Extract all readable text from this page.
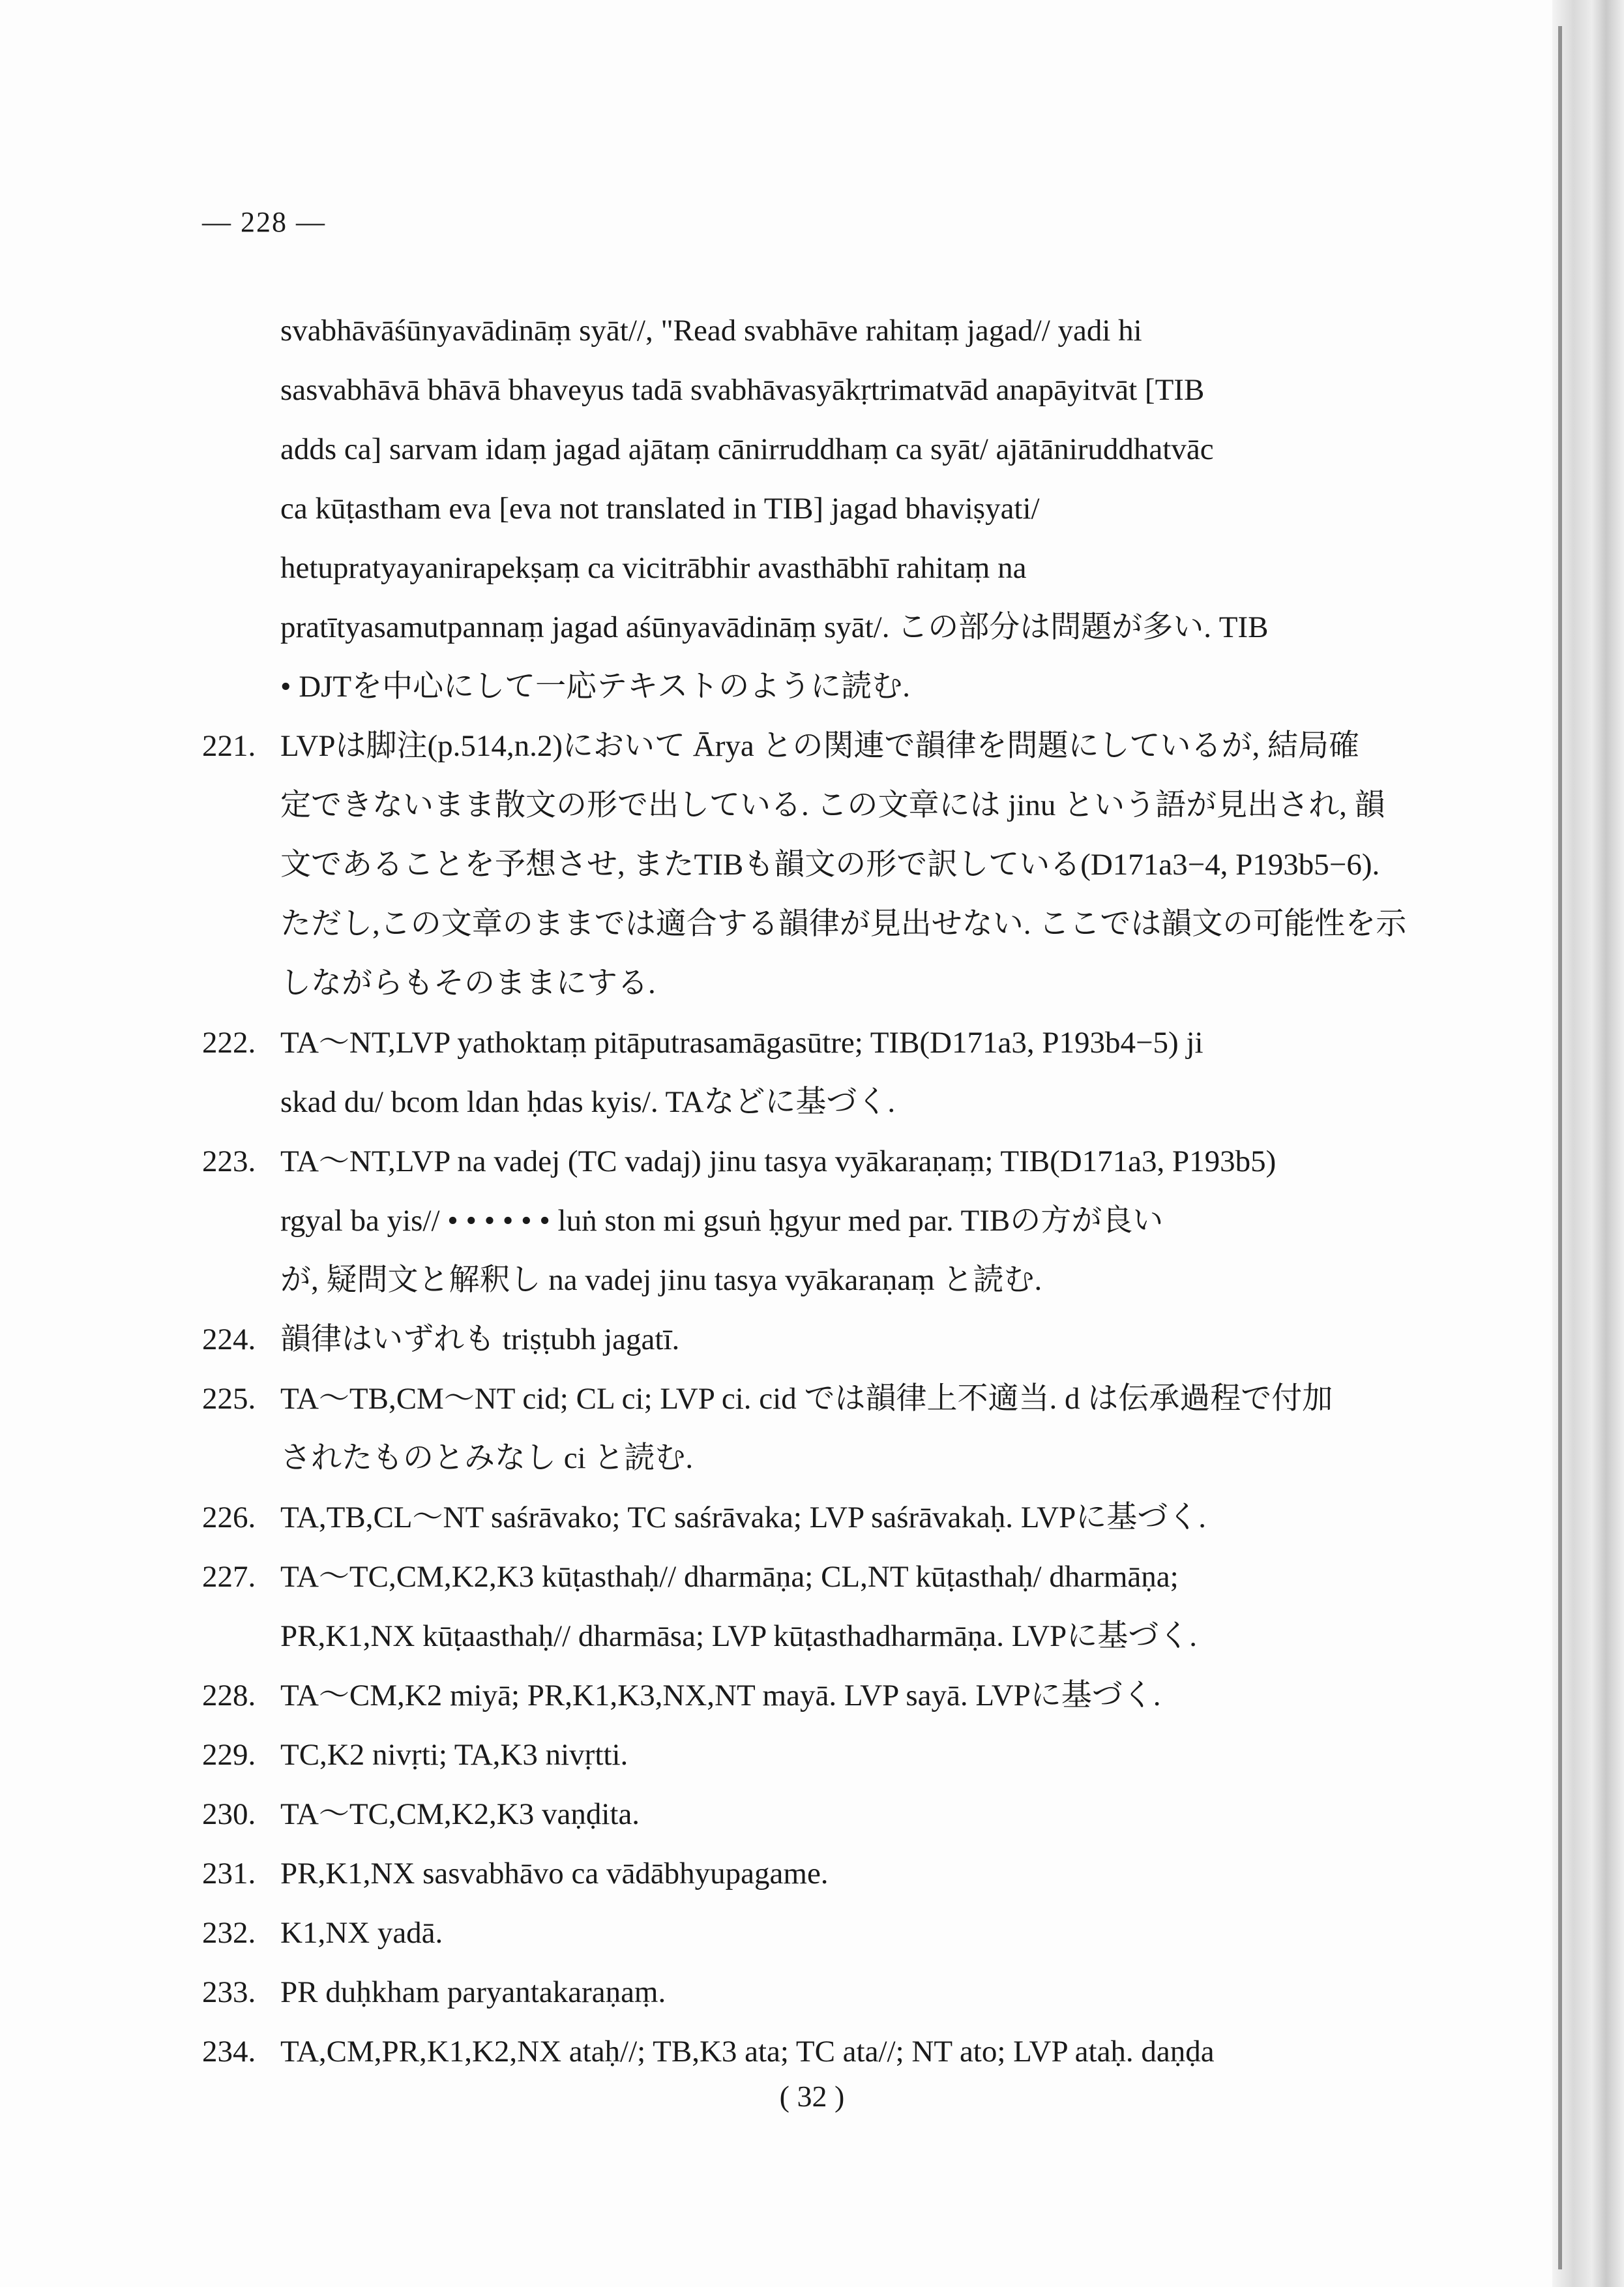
— 228 —
svabhāvāśūnyavādināṃ syāt//, "Read svabhāve rahitaṃ jagad// yadi hi
sasvabhāvā bhāvā bhaveyus tadā svabhāvasyākṛtrimatvād anapāyitvāt [TIB
adds ca] sarvam idaṃ jagad ajātaṃ cānirruddhaṃ ca syāt/ ajātāniruddhatvāc
ca kūṭastham eva [eva not translated in TIB] jagad bhaviṣyati/
hetupratyayanirapekṣaṃ ca vicitrābhir avasthābhī rahitaṃ na
pratītyasamutpannaṃ jagad aśūnyavādināṃ syāt/. この部分は問題が多い. TIB
• DJTを中心にして一応テキストのように読む.
221. LVPは脚注(p.514,n.2)において Ārya との関連で韻律を問題にしているが, 結局確
定できないまま散文の形で出している. この文章には jinu という語が見出され, 韻
文であることを予想させ, またTIBも韻文の形で訳している(D171a3−4, P193b5−6).
ただし,この文章のままでは適合する韻律が見出せない. ここでは韻文の可能性を示
しながらもそのままにする.
222. TA〜NT,LVP yathoktaṃ pitāputrasamāgasūtre; TIB(D171a3, P193b4−5) ji
skad du/ bcom ldan ḥdas kyis/. TAなどに基づく.
223. TA〜NT,LVP na vadej (TC vadaj) jinu tasya vyākaraṇaṃ; TIB(D171a3, P193b5)
rgyal ba yis// • • • • • • luṅ ston mi gsuṅ ḥgyur med par. TIBの方が良い
が, 疑問文と解釈し na vadej jinu tasya vyākaraṇaṃ と読む.
224. 韻律はいずれも triṣṭubh jagatī.
225. TA〜TB,CM〜NT cid; CL ci; LVP ci. cid では韻律上不適当. d は伝承過程で付加
されたものとみなし ci と読む.
226. TA,TB,CL〜NT saśrāvako; TC saśrāvaka; LVP saśrāvakaḥ. LVPに基づく.
227. TA〜TC,CM,K2,K3 kūṭasthaḥ// dharmāṇa; CL,NT kūṭasthaḥ/ dharmāṇa;
PR,K1,NX kūṭaasthaḥ// dharmāsa; LVP kūṭasthadharmāṇa. LVPに基づく.
228. TA〜CM,K2 miyā; PR,K1,K3,NX,NT mayā. LVP sayā. LVPに基づく.
229. TC,K2 nivṛti; TA,K3 nivṛtti.
230. TA〜TC,CM,K2,K3 vaṇḍita.
231. PR,K1,NX sasvabhāvo ca vādābhyupagame.
232. K1,NX yadā.
233. PR duḥkham paryantakaraṇaṃ.
234. TA,CM,PR,K1,K2,NX ataḥ//; TB,K3 ata; TC ata//; NT ato; LVP ataḥ. daṇḍa
( 32 )
